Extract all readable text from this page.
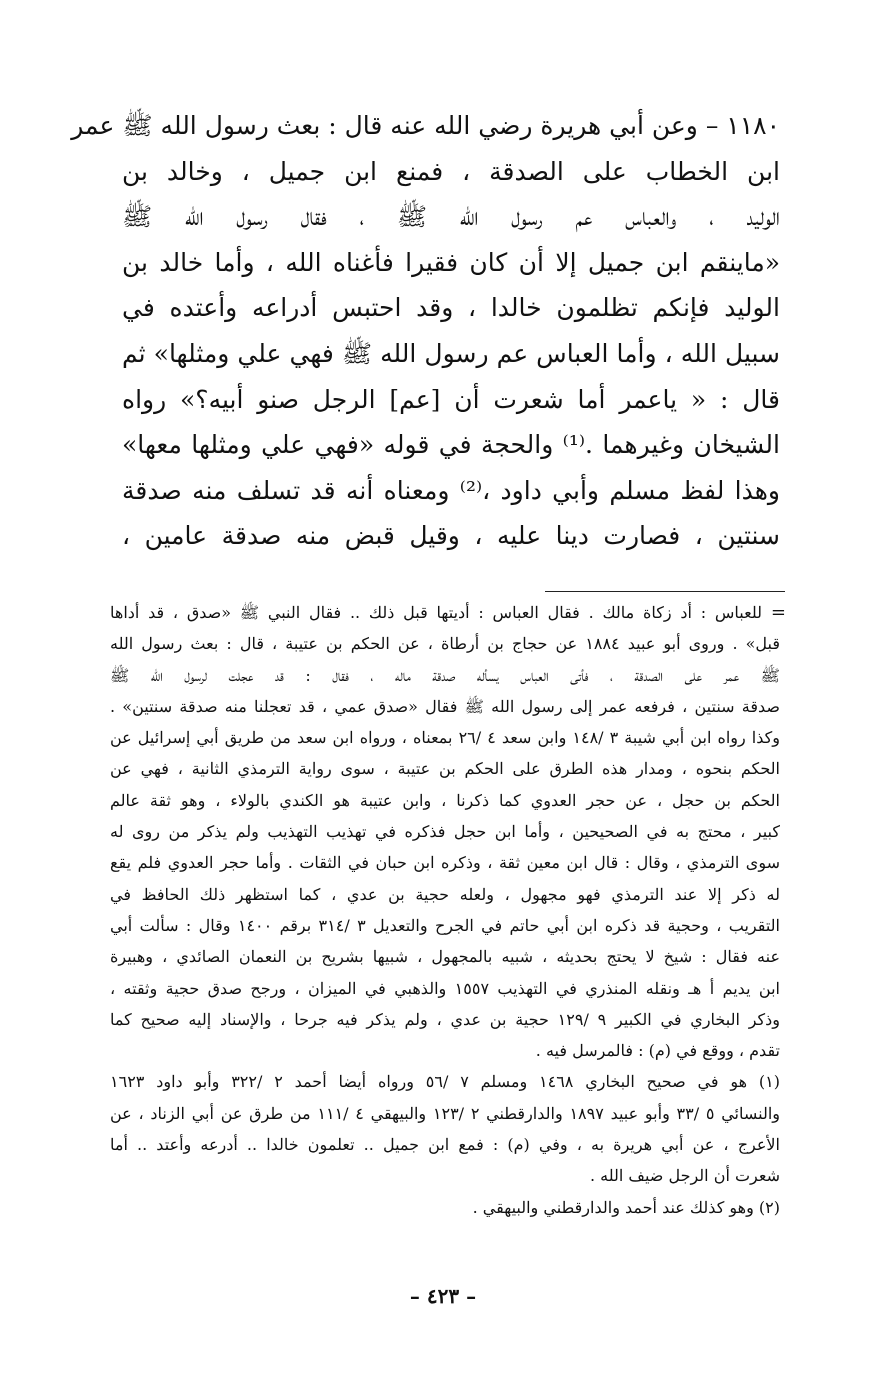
١١٨٠ – وعن أبي هريرة رضي الله عنه قال : بعث رسول الله ﷺ عمر
ابن الخطاب على الصدقة ، فمنع ابن جميل ، وخالد بن
الوليد ، والعباس عم رسول الله ﷺ ، فقال رسول الله ﷺ
«ماينقم ابن جميل إلا أن كان فقيرا فأغناه الله ، وأما خالد بن
الوليد فإنكم تظلمون خالدا ، وقد احتبس أدراعه وأعتده في
سبيل الله ، وأما العباس عم رسول الله ﷺ فهي علي ومثلها» ثم
قال : « ياعمر أما شعرت أن [عم] الرجل صنو أبيه؟» رواه
الشيخان وغيرهما .⁽¹⁾ والحجة في قوله «فهي علي ومثلها معها»
وهذا لفظ مسلم وأبي داود ،⁽²⁾ ومعناه أنه قد تسلف منه صدقة
سنتين ، فصارت دينا عليه ، وقيل قبض منه صدقة عامين ،
=
للعباس : أد زكاة مالك . فقال العباس : أديتها قبل ذلك .. فقال النبي ﷺ «صدق ، قد أداها
قبل» . وروى أبو عبيد ١٨٨٤ عن حجاج بن أرطاة ، عن الحكم بن عتيبة ، قال : بعث رسول الله
ﷺ عمر على الصدقة ، فأتى العباس يسأله صدقة ماله ، فقال : قد عجلت لرسول الله ﷺ
صدقة سنتين ، فرفعه عمر إلى رسول الله ﷺ فقال «صدق عمي ، قد تعجلنا منه صدقة سنتين» .
وكذا رواه ابن أبي شيبة ٣ /١٤٨ وابن سعد ٤ /٢٦ بمعناه ، ورواه ابن سعد من طريق أبي إسرائيل عن
الحكم بنحوه ، ومدار هذه الطرق على الحكم بن عتيبة ، سوى رواية الترمذي الثانية ، فهي عن
الحكم بن حجل ، عن حجر العدوي كما ذكرنا ، وابن عتيبة هو الكندي بالولاء ، وهو ثقة عالم
كبير ، محتج به في الصحيحين ، وأما ابن حجل فذكره في تهذيب التهذيب ولم يذكر من روى له
سوى الترمذي ، وقال : قال ابن معين ثقة ، وذكره ابن حبان في الثقات . وأما حجر العدوي فلم يقع
له ذكر إلا عند الترمذي فهو مجهول ، ولعله حجية بن عدي ، كما استظهر ذلك الحافظ في
التقريب ، وحجية قد ذكره ابن أبي حاتم في الجرح والتعديل ٣ /٣١٤ برقم ١٤٠٠ وقال : سألت أبي
عنه فقال : شيخ لا يحتج بحديثه ، شبيه بالمجهول ، شبيها بشريح بن النعمان الصائدي ، وهبيرة
ابن يديم أ هـ ونقله المنذري في التهذيب ١٥٥٧ والذهبي في الميزان ، ورجح صدق حجية وثقته ،
وذكر البخاري في الكبير ٩ /١٢٩ حجية بن عدي ، ولم يذكر فيه جرحا ، والإسناد إليه صحيح كما
تقدم ، ووقع في (م) : فالمرسل فيه .
(١) هو في صحيح البخاري ١٤٦٨ ومسلم ٧ /٥٦ ورواه أيضا أحمد ٢ /٣٢٢ وأبو داود ١٦٢٣
والنسائي ٥ /٣٣ وأبو عبيد ١٨٩٧ والدارقطني ٢ /١٢٣ والبيهقي ٤ /١١١ من طرق عن أبي الزناد ، عن
الأعرج ، عن أبي هريرة به ، وفي (م) : فمع ابن جميل .. تعلمون خالدا .. أدرعه وأعتد .. أما
شعرت أن الرجل ضيف الله .
(٢) وهو كذلك عند أحمد والدارقطني والبيهقي .
– ٤٢٣ –
